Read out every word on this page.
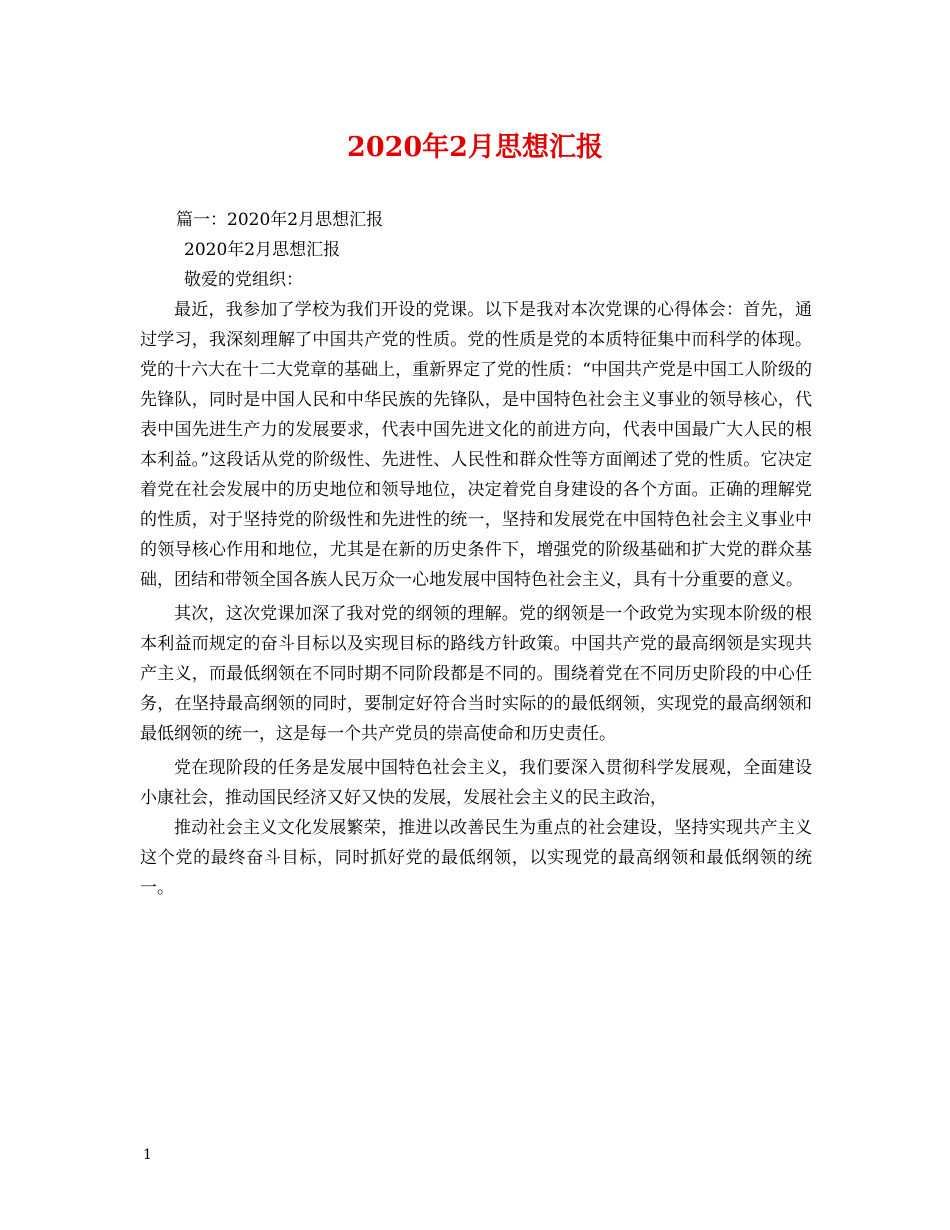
2020年2月思想汇报
篇一：2020年2月思想汇报
2020年2月思想汇报
敬爱的党组织：
最近，我参加了学校为我们开设的党课。以下是我对本次党课的心得体会：首先，通过学习，我深刻理解了中国共产党的性质。党的性质是党的本质特征集中而科学的体现。党的十六大在十二大党章的基础上，重新界定了党的性质：“中国共产党是中国工人阶级的先锋队，同时是中国人民和中华民族的先锋队，是中国特色社会主义事业的领导核心，代表中国先进生产力的发展要求，代表中国先进文化的前进方向，代表中国最广大人民的根本利益。”这段话从党的阶级性、先进性、人民性和群众性等方面阐述了党的性质。它决定着党在社会发展中的历史地位和领导地位，决定着党自身建设的各个方面。正确的理解党的性质，对于坚持党的阶级性和先进性的统一，坚持和发展党在中国特色社会主义事业中的领导核心作用和地位，尤其是在新的历史条件下，增强党的阶级基础和扩大党的群众基础，团结和带领全国各族人民万众一心地发展中国特色社会主义，具有十分重要的意义。
其次，这次党课加深了我对党的纲领的理解。党的纲领是一个政党为实现本阶级的根本利益而规定的奋斗目标以及实现目标的路线方针政策。中国共产党的最高纲领是实现共产主义，而最低纲领在不同时期不同阶段都是不同的。围绕着党在不同历史阶段的中心任务，在坚持最高纲领的同时，要制定好符合当时实际的的最低纲领，实现党的最高纲领和最低纲领的统一，这是每一个共产党员的崇高使命和历史责任。
党在现阶段的任务是发展中国特色社会主义，我们要深入贯彻科学发展观，全面建设小康社会，推动国民经济又好又快的发展，发展社会主义的民主政治，
推动社会主义文化发展繁荣，推进以改善民生为重点的社会建设，坚持实现共产主义这个党的最终奋斗目标，同时抓好党的最低纲领，以实现党的最高纲领和最低纲领的统一。
1
